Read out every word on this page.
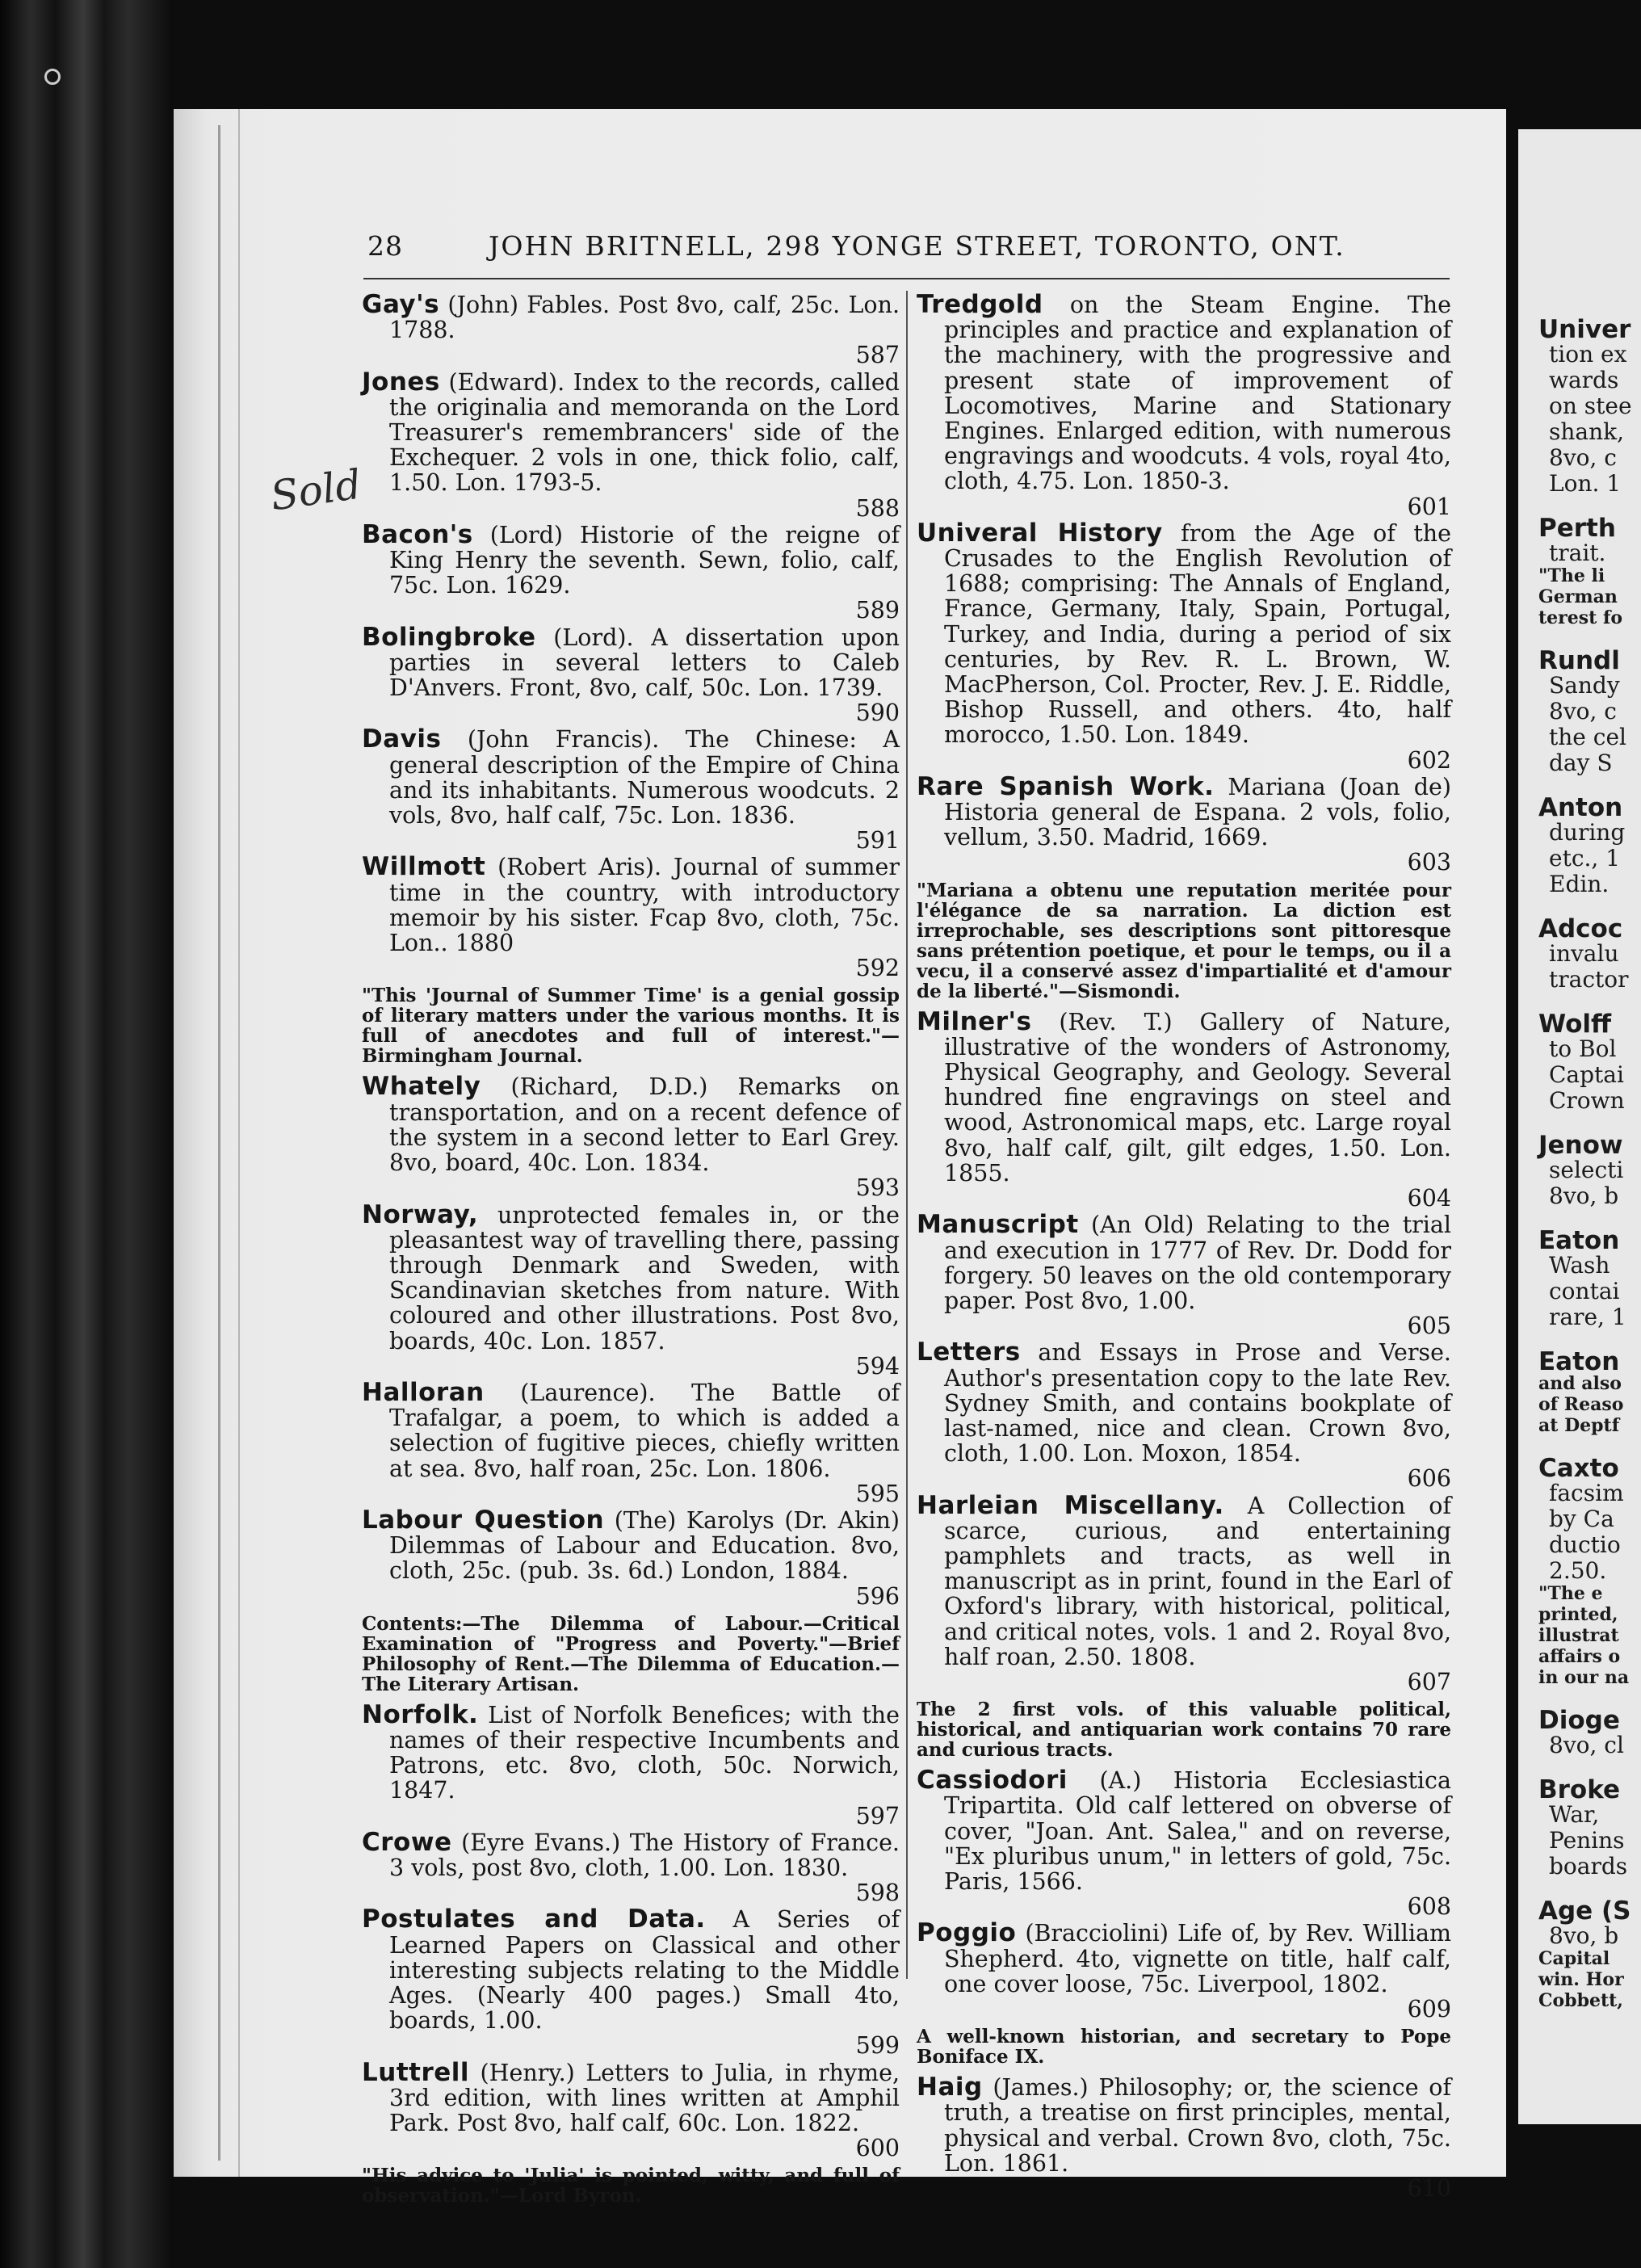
28	JOHN BRITNELL, 298 YONGE STREET, TORONTO, ONT.
Sold
Gay's (John) Fables. Post 8vo, calf, 25c. Lon. 1788.
587
Jones (Edward). Index to the records, called the originalia and memoranda on the Lord Treasurer's remembrancers' side of the Exchequer. 2 vols in one, thick folio, calf, 1.50. Lon. 1793-5.
588
Bacon's (Lord) Historie of the reigne of King Henry the seventh. Sewn, folio, calf, 75c. Lon. 1629.
589
Bolingbroke (Lord). A dissertation upon parties in several letters to Caleb D'Anvers. Front, 8vo, calf, 50c. Lon. 1739.
590
Davis (John Francis). The Chinese: A general description of the Empire of China and its inhabitants. Numerous woodcuts. 2 vols, 8vo, half calf, 75c. Lon. 1836.
591
Willmott (Robert Aris). Journal of summer time in the country, with introductory memoir by his sister. Fcap 8vo, cloth, 75c. Lon.. 1880
592
"This 'Journal of Summer Time' is a genial gossip of literary matters under the various months. It is full of anecdotes and full of interest."—Birmingham Journal.
Whately (Richard, D.D.) Remarks on transportation, and on a recent defence of the system in a second letter to Earl Grey. 8vo, board, 40c. Lon. 1834.
593
Norway, unprotected females in, or the pleasantest way of travelling there, passing through Denmark and Sweden, with Scandinavian sketches from nature. With coloured and other illustrations. Post 8vo, boards, 40c. Lon. 1857.
594
Halloran (Laurence). The Battle of Trafalgar, a poem, to which is added a selection of fugitive pieces, chiefly written at sea. 8vo, half roan, 25c. Lon. 1806.
595
Labour Question (The) Karolys (Dr. Akin) Dilemmas of Labour and Education. 8vo, cloth, 25c. (pub. 3s. 6d.) London, 1884.
596
Contents:—The Dilemma of Labour.—Critical Examination of "Progress and Poverty."—Brief Philosophy of Rent.—The Dilemma of Education.—The Literary Artisan.
Norfolk. List of Norfolk Benefices; with the names of their respective Incumbents and Patrons, etc. 8vo, cloth, 50c. Norwich, 1847.
597
Crowe (Eyre Evans.) The History of France. 3 vols, post 8vo, cloth, 1.00. Lon. 1830.
598
Postulates and Data. A Series of Learned Papers on Classical and other interesting subjects relating to the Middle Ages. (Nearly 400 pages.) Small 4to, boards, 1.00.
599
Luttrell (Henry.) Letters to Julia, in rhyme, 3rd edition, with lines written at Amphil Park. Post 8vo, half calf, 60c. Lon. 1822.
600
"His advice to 'Julia' is pointed, witty, and full of observation."—Lord Byron.
Tredgold on the Steam Engine. The principles and practice and explanation of the machinery, with the progressive and present state of improvement of Locomotives, Marine and Stationary Engines. Enlarged edition, with numerous engravings and woodcuts. 4 vols, royal 4to, cloth, 4.75. Lon. 1850-3.
601
Univeral History from the Age of the Crusades to the English Revolution of 1688; comprising: The Annals of England, France, Germany, Italy, Spain, Portugal, Turkey, and India, during a period of six centuries, by Rev. R. L. Brown, W. MacPherson, Col. Procter, Rev. J. E. Riddle, Bishop Russell, and others. 4to, half morocco, 1.50. Lon. 1849.
602
Rare Spanish Work. Mariana (Joan de) Historia general de Espana. 2 vols, folio, vellum, 3.50. Madrid, 1669.
603
"Mariana a obtenu une reputation meritée pour l'élégance de sa narration. La diction est irreprochable, ses descriptions sont pittoresque sans prétention poetique, et pour le temps, ou il a vecu, il a conservé assez d'impartialité et d'amour de la liberté."—Sismondi.
Milner's (Rev. T.) Gallery of Nature, illustrative of the wonders of Astronomy, Physical Geography, and Geology. Several hundred fine engravings on steel and wood, Astronomical maps, etc. Large royal 8vo, half calf, gilt, gilt edges, 1.50. Lon. 1855.
604
Manuscript (An Old) Relating to the trial and execution in 1777 of Rev. Dr. Dodd for forgery. 50 leaves on the old contemporary paper. Post 8vo, 1.00.
605
Letters and Essays in Prose and Verse. Author's presentation copy to the late Rev. Sydney Smith, and contains bookplate of last-named, nice and clean. Crown 8vo, cloth, 1.00. Lon. Moxon, 1854.
606
Harleian Miscellany. A Collection of scarce, curious, and entertaining pamphlets and tracts, as well in manuscript as in print, found in the Earl of Oxford's library, with historical, political, and critical notes, vols. 1 and 2. Royal 8vo, half roan, 2.50. 1808.
607
The 2 first vols. of this valuable political, historical, and antiquarian work contains 70 rare and curious tracts.
Cassiodori (A.) Historia Ecclesiastica Tripartita. Old calf lettered on obverse of cover, "Joan. Ant. Salea," and on reverse, "Ex pluribus unum," in letters of gold, 75c. Paris, 1566.
608
Poggio (Bracciolini) Life of, by Rev. William Shepherd. 4to, vignette on title, half calf, one cover loose, 75c. Liverpool, 1802.
609
A well-known historian, and secretary to Pope Boniface IX.
Haig (James.) Philosophy; or, the science of truth, a treatise on first principles, mental, physical and verbal. Crown 8vo, cloth, 75c. Lon. 1861.
610
Univer
tion ex
wards
on stee
shank,
8vo, c
Lon. 1
Perth
trait.
"The li
German
terest fo
Rundl
Sandy
8vo, c
the cel
day S
Anton
during
etc., 1
Edin.
Adcoc
invalu
tractor
Wolff
to Bol
Captai
Crown
Jenow
selecti
8vo, b
Eaton
Wash
contai
rare, 1
Eaton
and also
of Reaso
at Deptf
Caxto
facsim
by Ca
ductio
2.50.
"The e
printed,
illustrat
affairs o
in our na
Dioge
8vo, cl
Broke
War,
Penins
boards
Age (S
8vo, b
Capital
win. Hor
Cobbett,
